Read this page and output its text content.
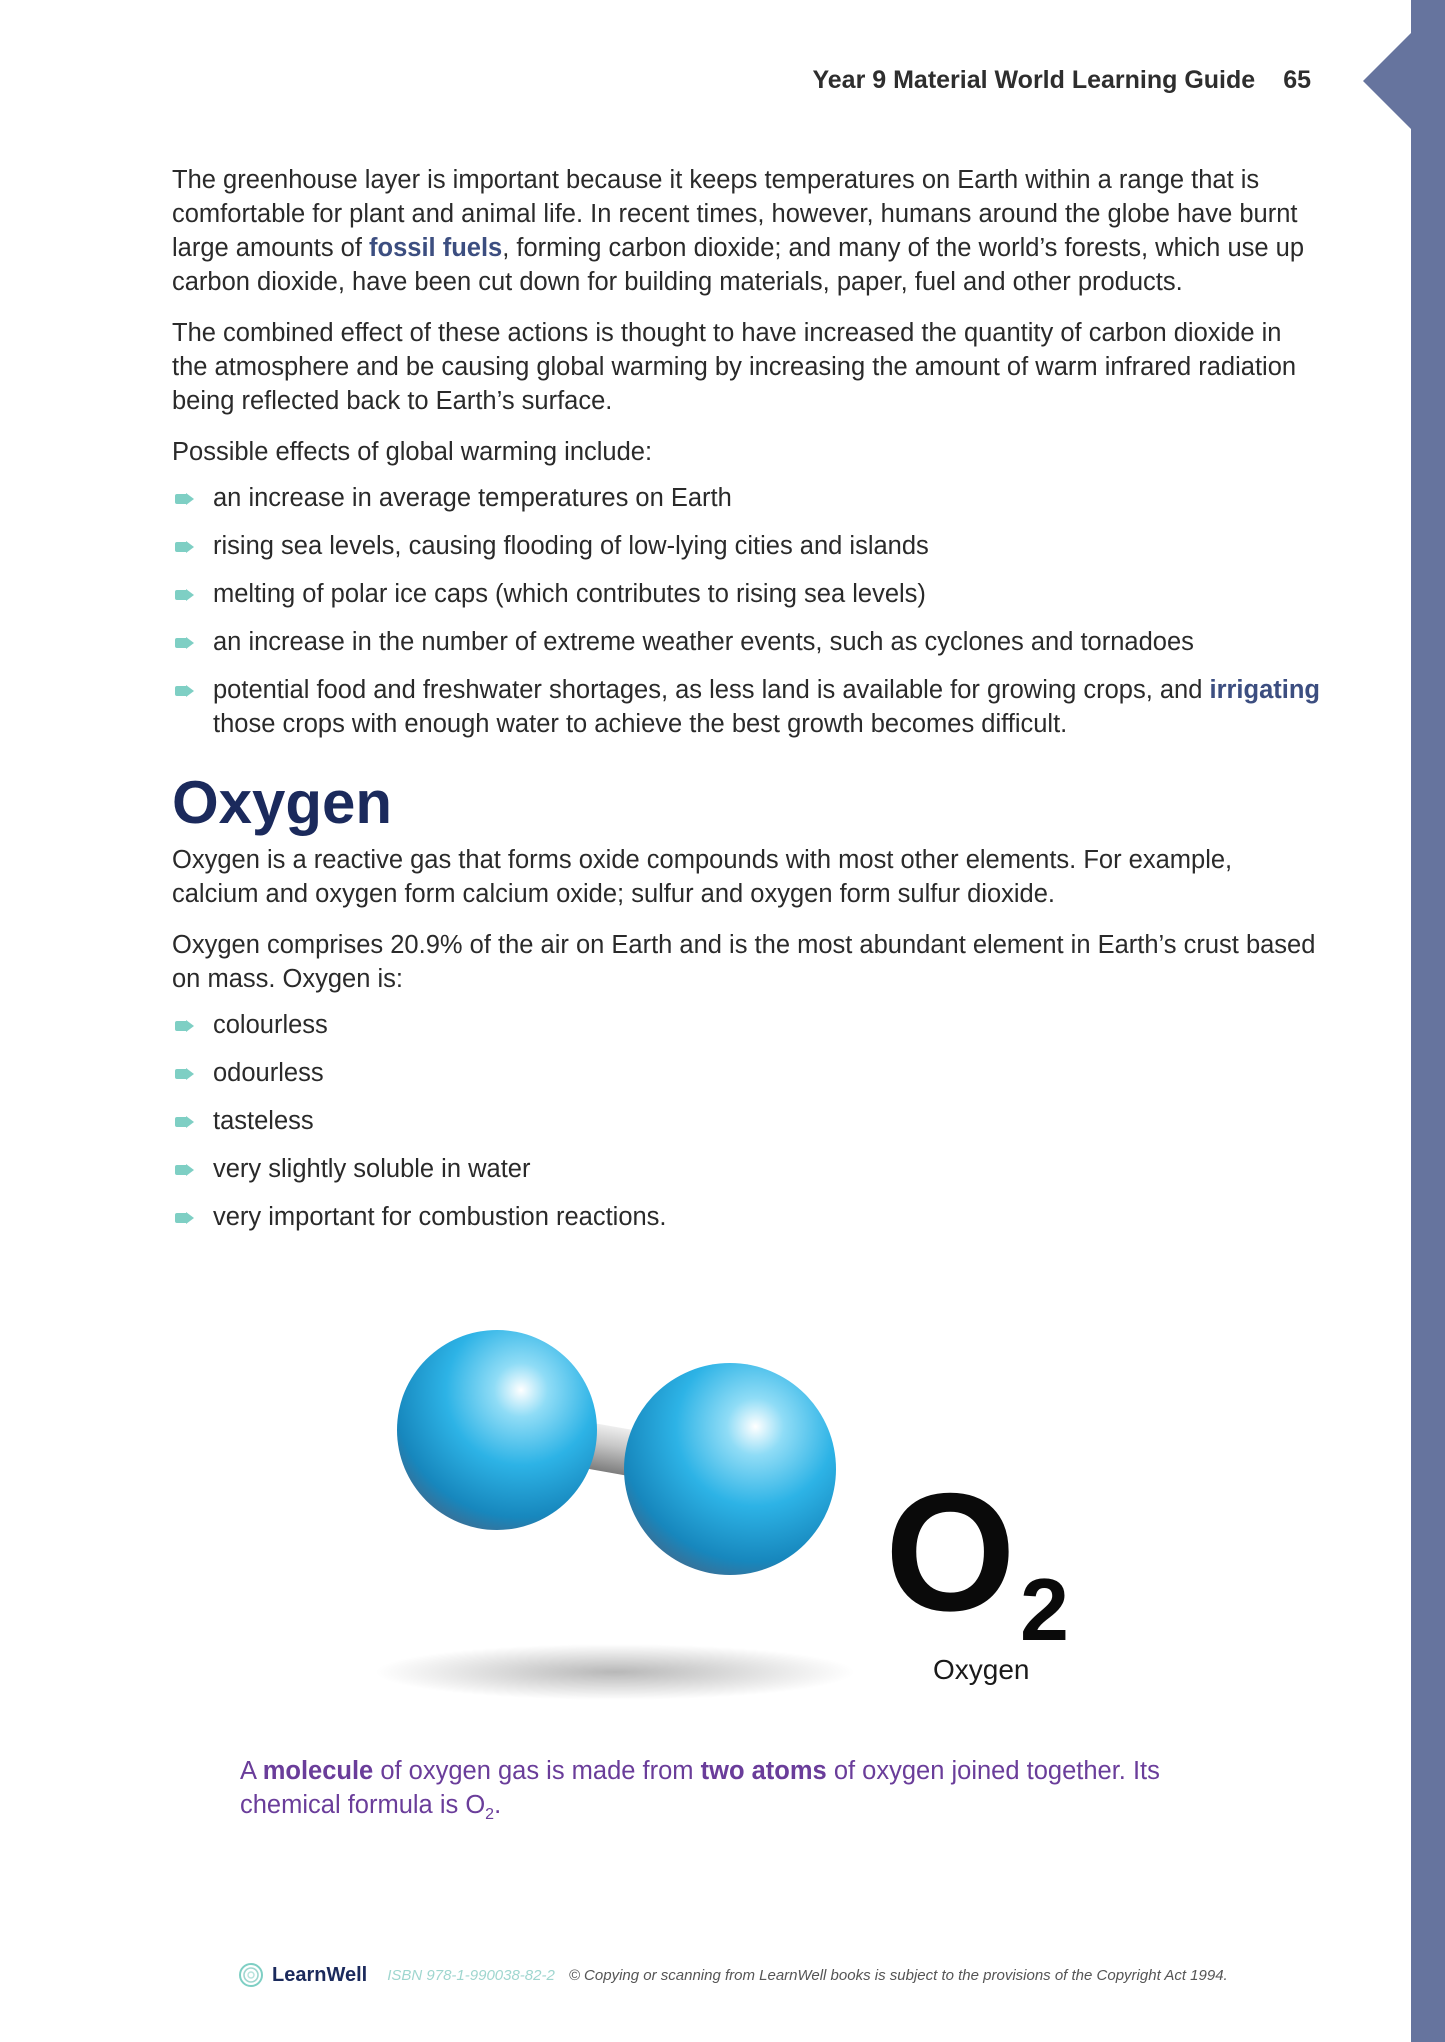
Year 9 Material World Learning Guide 65

The greenhouse layer is important because it keeps temperatures on Earth within a range that is comfortable for plant and animal life. In recent times, however, humans around the globe have burnt large amounts of fossil fuels, forming carbon dioxide; and many of the world’s forests, which use up carbon dioxide, have been cut down for building materials, paper, fuel and other products.

The combined effect of these actions is thought to have increased the quantity of carbon dioxide in the atmosphere and be causing global warming by increasing the amount of warm infrared radiation being reflected back to Earth’s surface.

Possible effects of global warming include:

an increase in average temperatures on Earth
rising sea levels, causing flooding of low-lying cities and islands
melting of polar ice caps (which contributes to rising sea levels)
an increase in the number of extreme weather events, such as cyclones and tornadoes
potential food and freshwater shortages, as less land is available for growing crops, and irrigating those crops with enough water to achieve the best growth becomes difficult.
Oxygen

Oxygen is a reactive gas that forms oxide compounds with most other elements. For example, calcium and oxygen form calcium oxide; sulfur and oxygen form sulfur dioxide.

Oxygen comprises 20.9% of the air on Earth and is the most abundant element in Earth’s crust based on mass. Oxygen is:

colourless
odourless
tasteless
very slightly soluble in water
very important for combustion reactions.
O 2
Oxygen
A molecule of oxygen gas is made from two atoms of oxygen joined together. Its chemical formula is $O_2$.
LearnWell ISBN 978-1-990038-82-2 © Copying or scanning from LearnWell books is subject to the provisions of the Copyright Act 1994.
